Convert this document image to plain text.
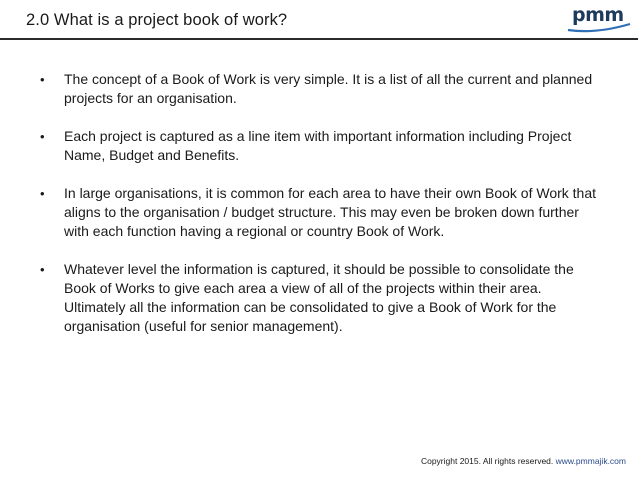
2.0 What is a project book of work?	pmm
• The concept of a Book of Work is very simple. It is a list of all the current and planned projects for an organisation.
• Each project is captured as a line item with important information including Project Name, Budget and Benefits.
• In large organisations, it is common for each area to have their own Book of Work that aligns to the organisation / budget structure. This may even be broken down further with each function having a regional or country Book of Work.
• Whatever level the information is captured, it should be possible to consolidate the Book of Works to give each area a view of all of the projects within their area. Ultimately all the information can be consolidated to give a Book of Work for the organisation (useful for senior management).
Copyright 2015. All rights reserved. www.pmmajik.com
